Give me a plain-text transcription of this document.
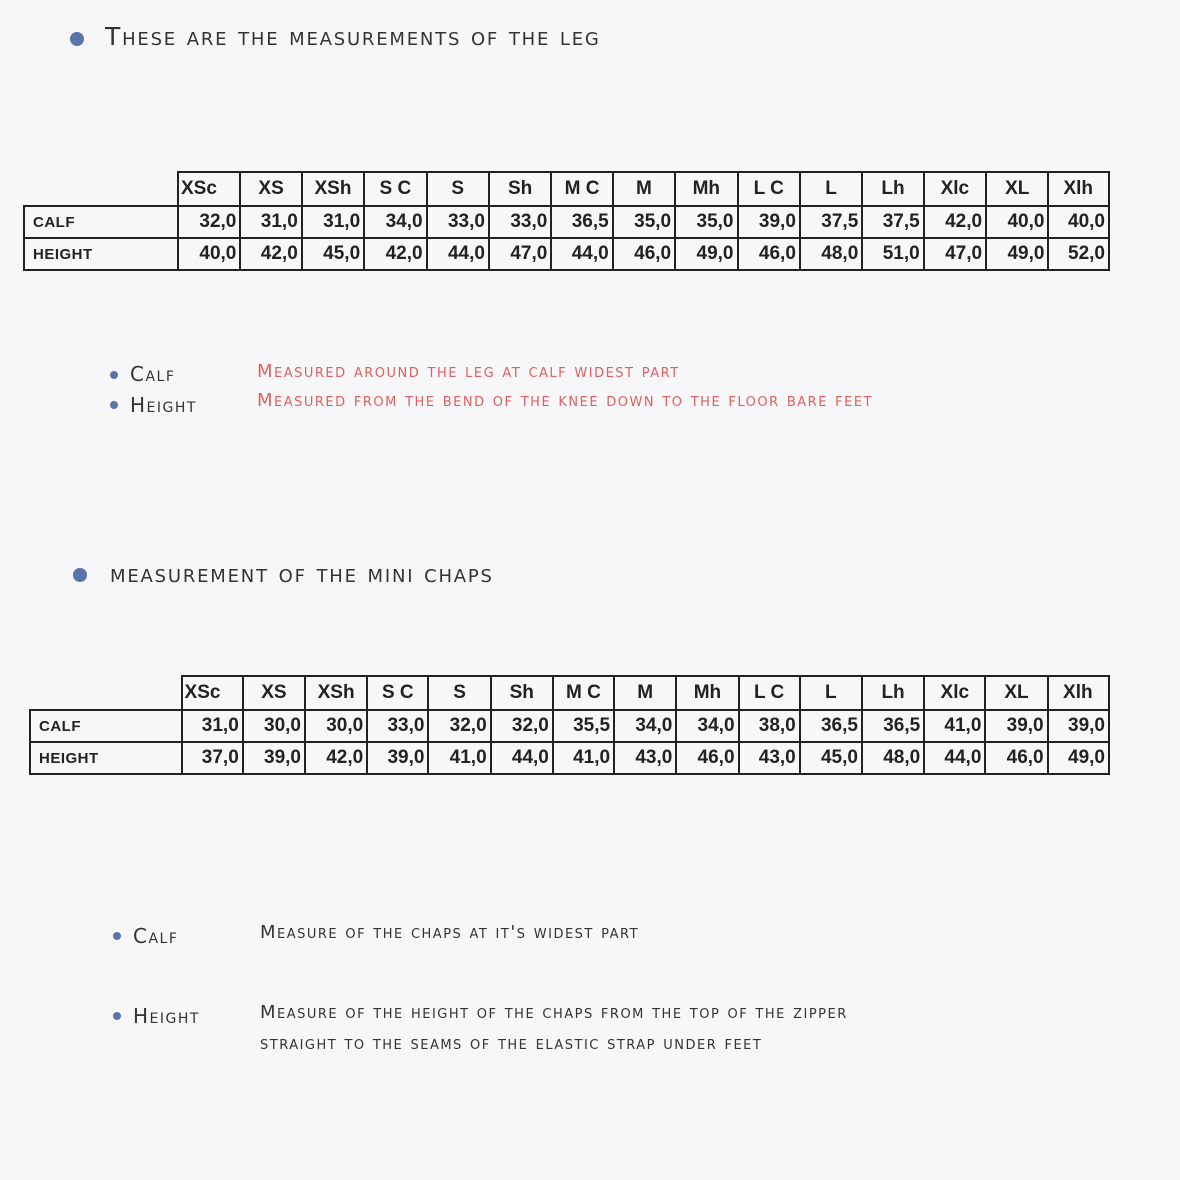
These are the measurements of the leg
	XSc	XS	XSh	S C	S	Sh	M C	M	Mh	L C	L	Lh	Xlc	XL	Xlh
CALF	32,0	31,0	31,0	34,0	33,0	33,0	36,5	35,0	35,0	39,0	37,5	37,5	42,0	40,0	40,0
HEIGHT	40,0	42,0	45,0	42,0	44,0	47,0	44,0	46,0	49,0	46,0	48,0	51,0	47,0	49,0	52,0

Calf	Measured around the leg at calf widest part

Height	Measured from the bend of the knee down to the floor bare feet

measurement of the mini chaps
	XSc	XS	XSh	S C	S	Sh	M C	M	Mh	L C	L	Lh	Xlc	XL	Xlh
CALF	31,0	30,0	30,0	33,0	32,0	32,0	35,5	34,0	34,0	38,0	36,5	36,5	41,0	39,0	39,0
HEIGHT	37,0	39,0	42,0	39,0	41,0	44,0	41,0	43,0	46,0	43,0	45,0	48,0	44,0	46,0	49,0

Calf	Measure of the chaps at it's widest part

Height	Measure of the height of the chaps from the top of the zipper

straight to the seams of the elastic strap under feet
